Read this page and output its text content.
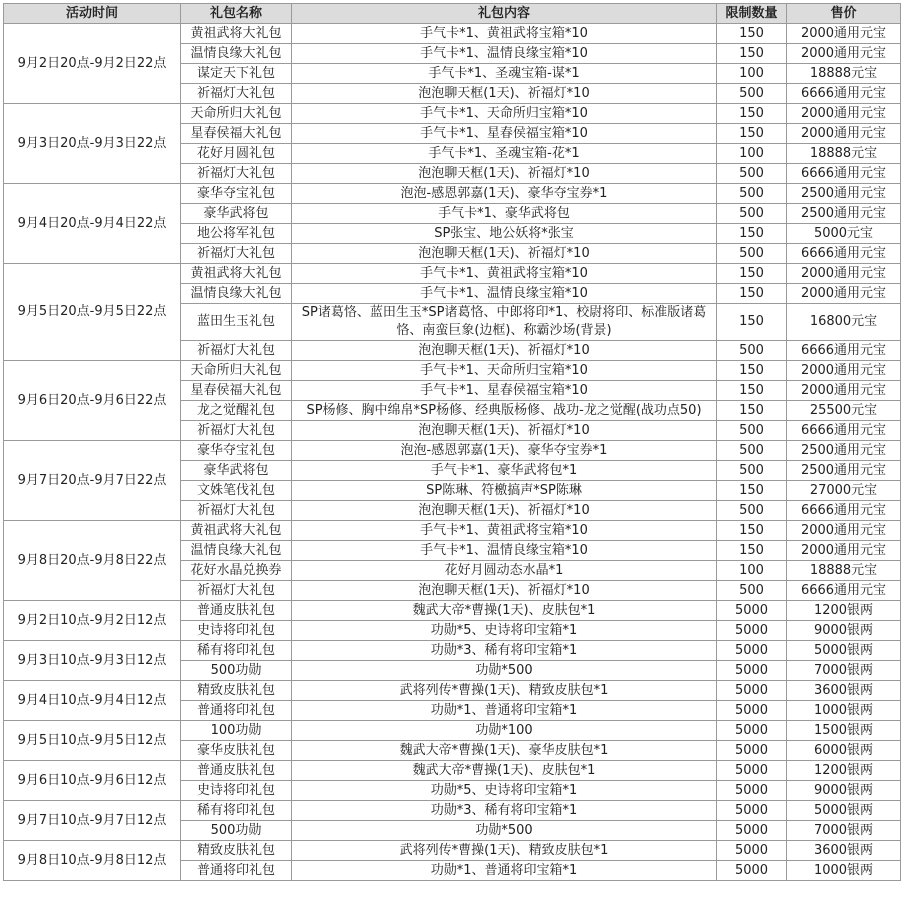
活动时间	礼包名称	礼包内容	限制数量	售价
9月2日20点-9月2日22点	黄祖武将大礼包	手气卡*1、黄祖武将宝箱*10	150	2000通用元宝
	温情良缘大礼包	手气卡*1、温情良缘宝箱*10	150	2000通用元宝
	谋定天下礼包	手气卡*1、圣魂宝箱-谋*1	100	18888元宝
	祈福灯大礼包	泡泡聊天框(1天)、祈福灯*10	500	6666通用元宝
9月3日20点-9月3日22点	天命所归大礼包	手气卡*1、天命所归宝箱*10	150	2000通用元宝
	星春侯福大礼包	手气卡*1、星春侯福宝箱*10	150	2000通用元宝
	花好月圆礼包	手气卡*1、圣魂宝箱-花*1	100	18888元宝
	祈福灯大礼包	泡泡聊天框(1天)、祈福灯*10	500	6666通用元宝
9月4日20点-9月4日22点	豪华夺宝礼包	泡泡-感恩郭嘉(1天)、豪华夺宝券*1	500	2500通用元宝
	豪华武将包	手气卡*1、豪华武将包	500	2500通用元宝
	地公将军礼包	SP张宝、地公妖将*张宝	150	5000元宝
	祈福灯大礼包	泡泡聊天框(1天)、祈福灯*10	500	6666通用元宝
9月5日20点-9月5日22点	黄祖武将大礼包	手气卡*1、黄祖武将宝箱*10	150	2000通用元宝
	温情良缘大礼包	手气卡*1、温情良缘宝箱*10	150	2000通用元宝
	蓝田生玉礼包	SP诸葛恪、蓝田生玉*SP诸葛恪、中郎将印*1、校尉将印、标准版诸葛恪、南蛮巨象(边框)、称霸沙场(背景)	150	16800元宝
	祈福灯大礼包	泡泡聊天框(1天)、祈福灯*10	500	6666通用元宝
9月6日20点-9月6日22点	天命所归大礼包	手气卡*1、天命所归宝箱*10	150	2000通用元宝
	星春侯福大礼包	手气卡*1、星春侯福宝箱*10	150	2000通用元宝
	龙之觉醒礼包	SP杨修、胸中绵帛*SP杨修、经典版杨修、战功-龙之觉醒(战功点50)	150	25500元宝
	祈福灯大礼包	泡泡聊天框(1天)、祈福灯*10	500	6666通用元宝
9月7日20点-9月7日22点	豪华夺宝礼包	泡泡-感恩郭嘉(1天)、豪华夺宝券*1	500	2500通用元宝
	豪华武将包	手气卡*1、豪华武将包*1	500	2500通用元宝
	文姝笔伐礼包	SP陈琳、符檄搞声*SP陈琳	150	27000元宝
	祈福灯大礼包	泡泡聊天框(1天)、祈福灯*10	500	6666通用元宝
9月8日20点-9月8日22点	黄祖武将大礼包	手气卡*1、黄祖武将宝箱*10	150	2000通用元宝
	温情良缘大礼包	手气卡*1、温情良缘宝箱*10	150	2000通用元宝
	花好水晶兑换券	花好月圆动态水晶*1	100	18888元宝
	祈福灯大礼包	泡泡聊天框(1天)、祈福灯*10	500	6666通用元宝
9月2日10点-9月2日12点	普通皮肤礼包	魏武大帝*曹操(1天)、皮肤包*1	5000	1200银两
	史诗将印礼包	功勋*5、史诗将印宝箱*1	5000	9000银两
9月3日10点-9月3日12点	稀有将印礼包	功勋*3、稀有将印宝箱*1	5000	5000银两
	500功勋	功勋*500	5000	7000银两
9月4日10点-9月4日12点	精致皮肤礼包	武将列传*曹操(1天)、精致皮肤包*1	5000	3600银两
	普通将印礼包	功勋*1、普通将印宝箱*1	5000	1000银两
9月5日10点-9月5日12点	100功勋	功勋*100	5000	1500银两
	豪华皮肤礼包	魏武大帝*曹操(1天)、豪华皮肤包*1	5000	6000银两
9月6日10点-9月6日12点	普通皮肤礼包	魏武大帝*曹操(1天)、皮肤包*1	5000	1200银两
	史诗将印礼包	功勋*5、史诗将印宝箱*1	5000	9000银两
9月7日10点-9月7日12点	稀有将印礼包	功勋*3、稀有将印宝箱*1	5000	5000银两
	500功勋	功勋*500	5000	7000银两
9月8日10点-9月8日12点	精致皮肤礼包	武将列传*曹操(1天)、精致皮肤包*1	5000	3600银两
	普通将印礼包	功勋*1、普通将印宝箱*1	5000	1000银两
